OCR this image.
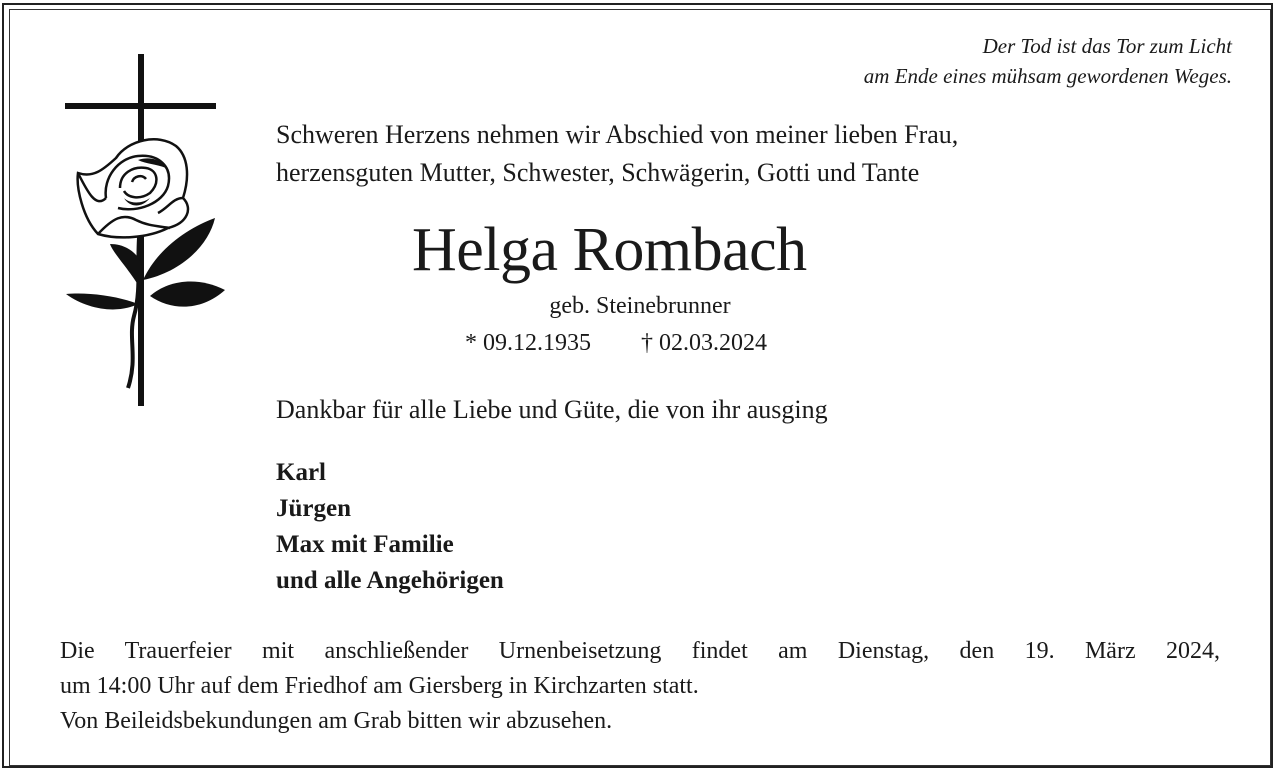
Der Tod ist das Tor zum Licht
am Ende eines mühsam gewordenen Weges.
Schweren Herzens nehmen wir Abschied von meiner lieben Frau,
herzensguten Mutter, Schwester, Schwägerin, Gotti und Tante
Helga Rombach
geb. Steinebrunner
* 09.12.1935 † 02.03.2024
Dankbar für alle Liebe und Güte, die von ihr ausging
Karl
Jürgen
Max mit Familie
und alle Angehörigen
Die Trauerfeier mit anschließender Urnenbeisetzung findet am Dienstag, den 19. März 2024,
um 14:00 Uhr auf dem Friedhof am Giersberg in Kirchzarten statt.
Von Beileidsbekundungen am Grab bitten wir abzusehen.
